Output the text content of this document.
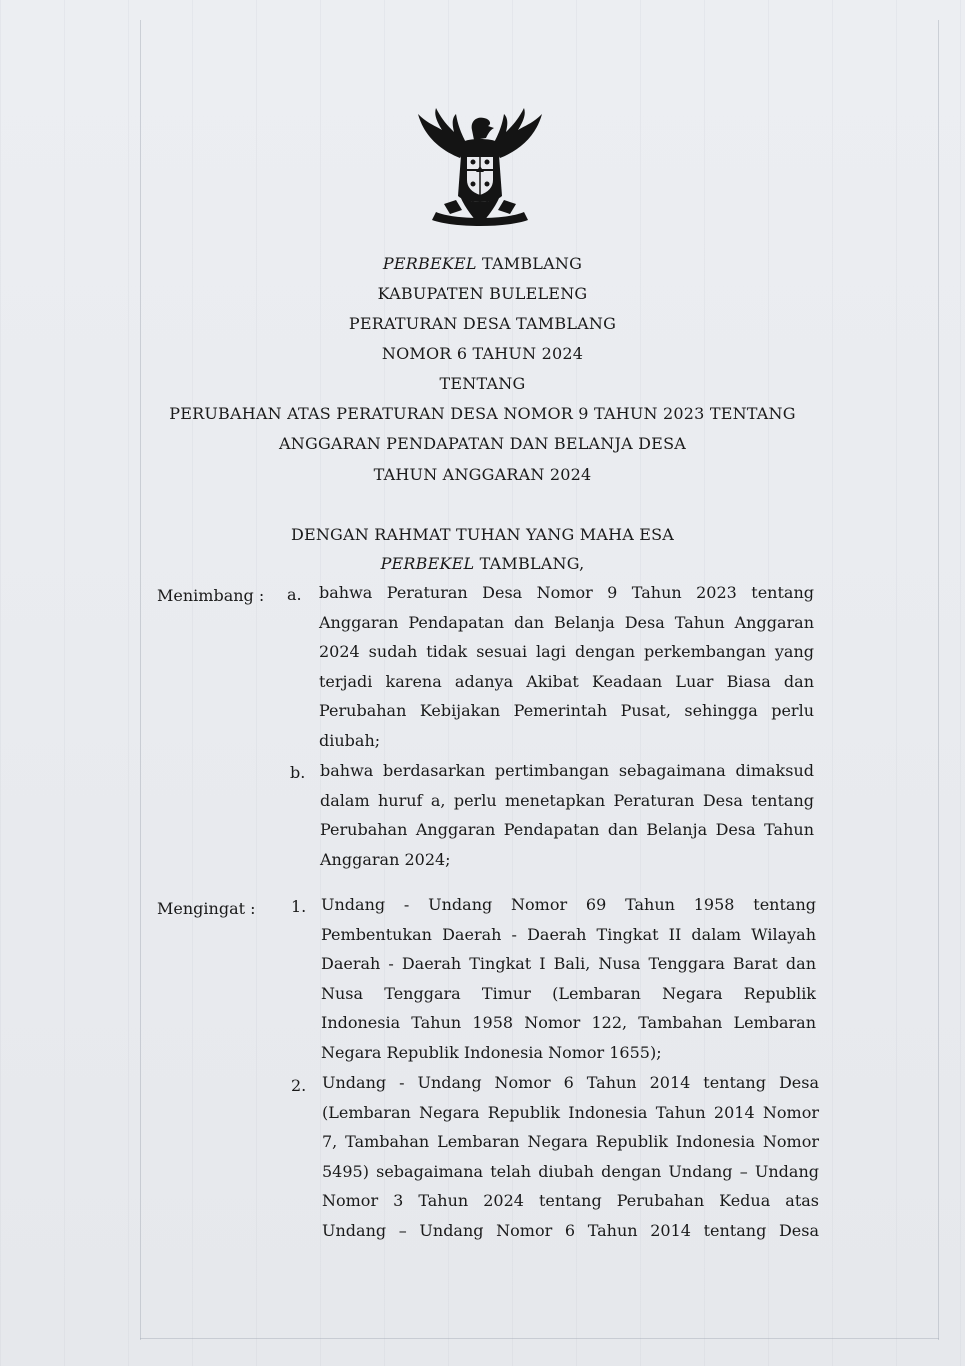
PERBEKEL TAMBLANG
KABUPATEN BULELENG
PERATURAN DESA TAMBLANG
NOMOR 6 TAHUN 2024
TENTANG
PERUBAHAN ATAS PERATURAN DESA NOMOR 9 TAHUN 2023 TENTANG
ANGGARAN PENDAPATAN DAN BELANJA DESA
TAHUN ANGGARAN 2024
DENGAN RAHMAT TUHAN YANG MAHA ESA
PERBEKEL TAMBLANG,
Menimbang : a. bahwa Peraturan Desa Nomor 9 Tahun 2023 tentang
Anggaran Pendapatan dan Belanja Desa Tahun Anggaran
2024 sudah tidak sesuai lagi dengan perkembangan yang
terjadi karena adanya Akibat Keadaan Luar Biasa dan
Perubahan Kebijakan Pemerintah Pusat, sehingga perlu
diubah;
b. bahwa berdasarkan pertimbangan sebagaimana dimaksud
dalam huruf a, perlu menetapkan Peraturan Desa tentang
Perubahan Anggaran Pendapatan dan Belanja Desa Tahun
Anggaran 2024;
Mengingat : 1. Undang - Undang Nomor 69 Tahun 1958 tentang
Pembentukan Daerah - Daerah Tingkat II dalam Wilayah
Daerah - Daerah Tingkat I Bali, Nusa Tenggara Barat dan
Nusa Tenggara Timur (Lembaran Negara Republik
Indonesia Tahun 1958 Nomor 122, Tambahan Lembaran
Negara Republik Indonesia Nomor 1655);
2. Undang - Undang Nomor 6 Tahun 2014 tentang Desa
(Lembaran Negara Republik Indonesia Tahun 2014 Nomor
7, Tambahan Lembaran Negara Republik Indonesia Nomor
5495) sebagaimana telah diubah dengan Undang – Undang
Nomor 3 Tahun 2024 tentang Perubahan Kedua atas
Undang – Undang Nomor 6 Tahun 2014 tentang Desa
